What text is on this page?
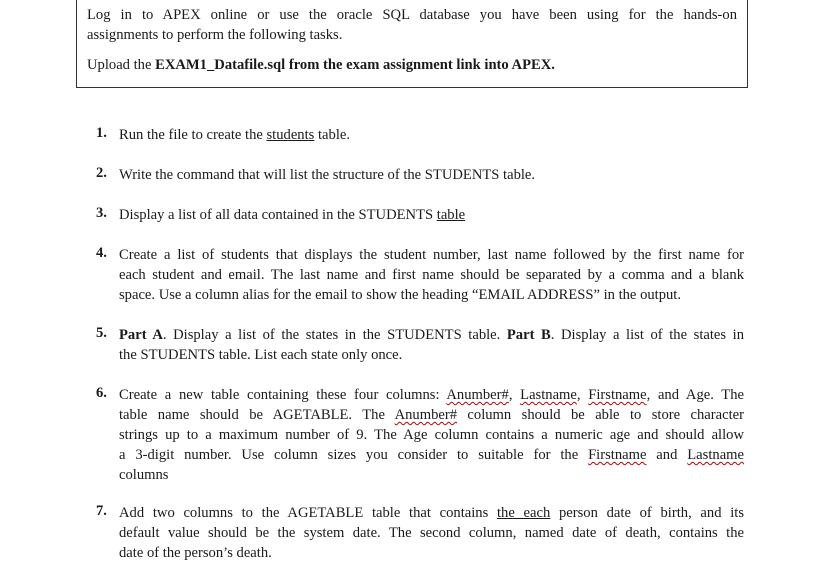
Log in to APEX online or use the oracle SQL database you have been using for the hands-on
assignments to perform the following tasks.
Upload the EXAM1_Datafile.sql from the exam assignment link into APEX.
1. Run the file to create the students table.
2. Write the command that will list the structure of the STUDENTS table.
3. Display a list of all data contained in the STUDENTS table
4. Create a list of students that displays the student number, last name followed by the first name for
each student and email. The last name and first name should be separated by a comma and a blank
space. Use a column alias for the email to show the heading “EMAIL ADDRESS” in the output.
5. Part A. Display a list of the states in the STUDENTS table. Part B. Display a list of the states in
the STUDENTS table. List each state only once.
6. Create a new table containing these four columns: Anumber#, Lastname, Firstname, and Age. The
table name should be AGETABLE. The Anumber# column should be able to store character
strings up to a maximum number of 9. The Age column contains a numeric age and should allow
a 3-digit number. Use column sizes you consider to suitable for the Firstname and Lastname
columns
7. Add two columns to the AGETABLE table that contains the each person date of birth, and its
default value should be the system date. The second column, named date of death, contains the
date of the person’s death.
